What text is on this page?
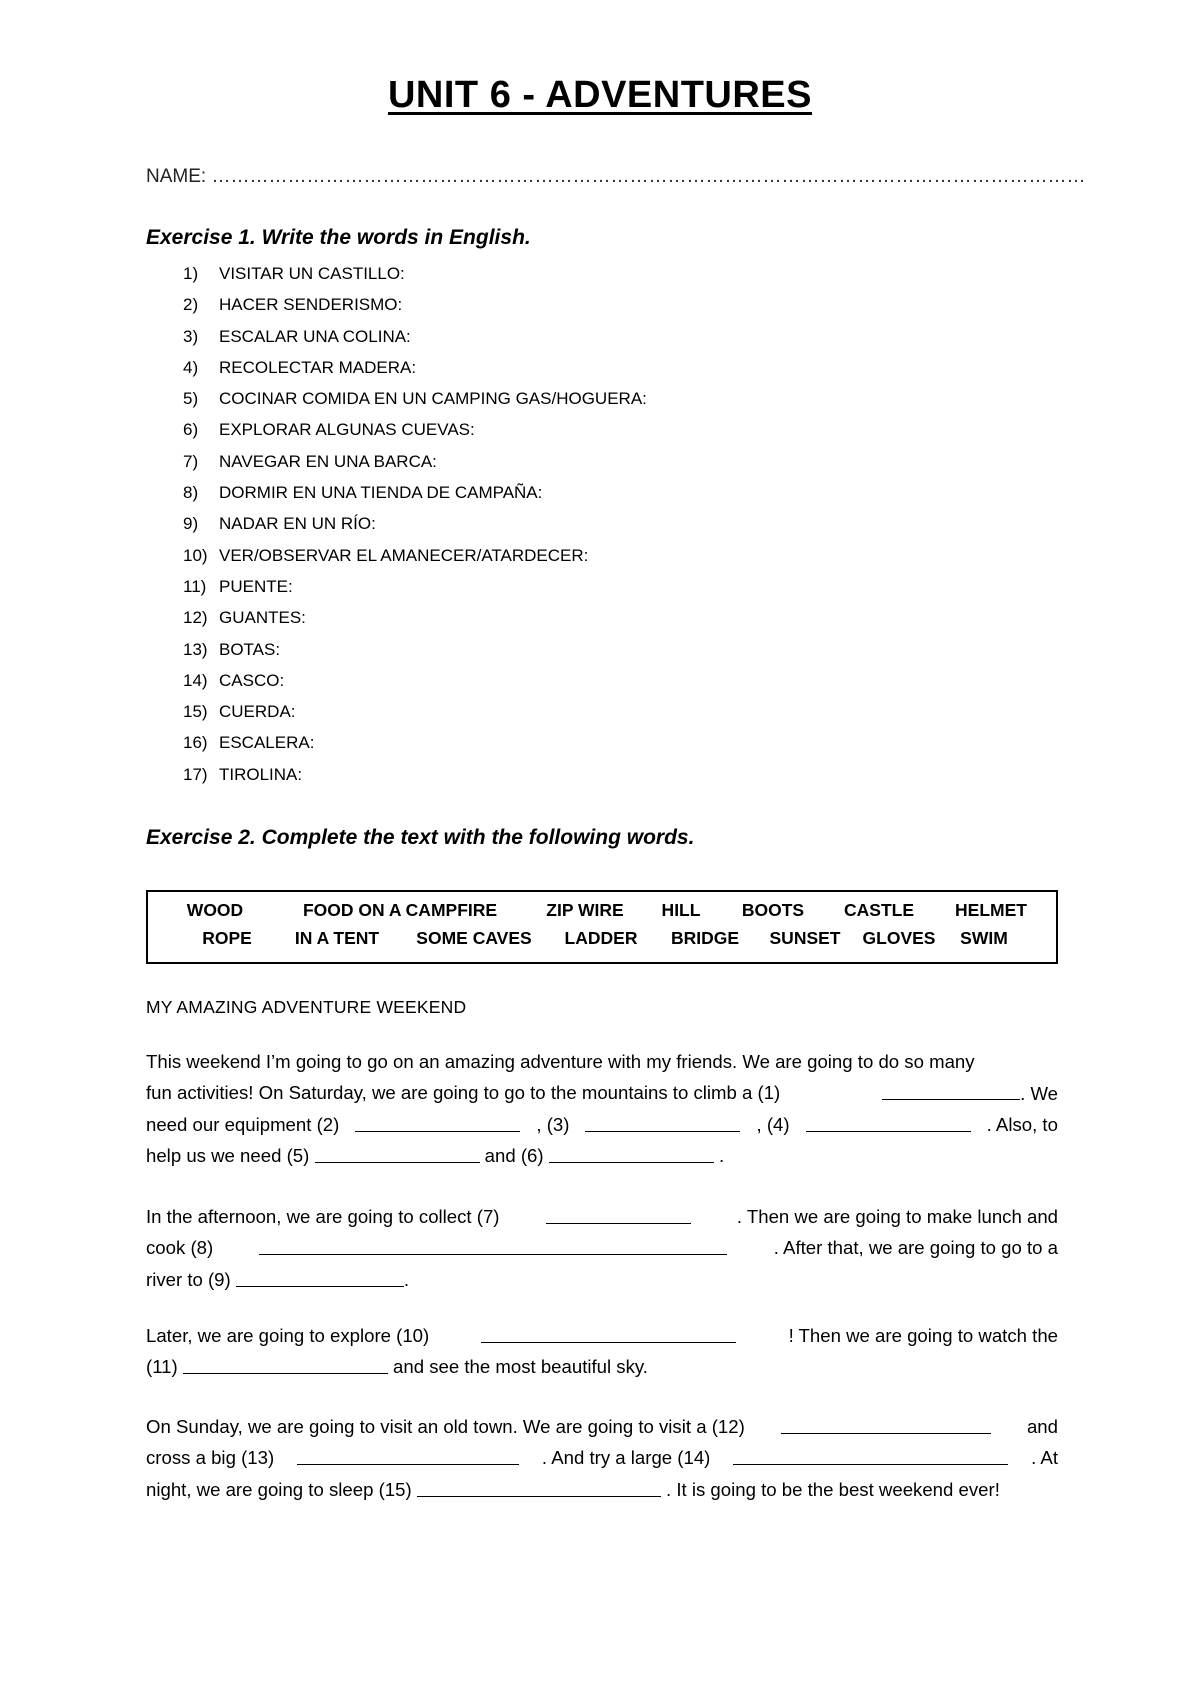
UNIT 6 - ADVENTURES
NAME: …………………………………………………………………………………………………………………………
Exercise 1. Write the words in English.
1) VISITAR UN CASTILLO:
2) HACER SENDERISMO:
3) ESCALAR UNA COLINA:
4) RECOLECTAR MADERA:
5) COCINAR COMIDA EN UN CAMPING GAS/HOGUERA:
6) EXPLORAR ALGUNAS CUEVAS:
7) NAVEGAR EN UNA BARCA:
8) DORMIR EN UNA TIENDA DE CAMPAÑA:
9) NADAR EN UN RÍO:
10) VER/OBSERVAR EL AMANECER/ATARDECER:
11) PUENTE:
12) GUANTES:
13) BOTAS:
14) CASCO:
15) CUERDA:
16) ESCALERA:
17) TIROLINA:
Exercise 2. Complete the text with the following words.
WOOD	FOOD ON A CAMPFIRE	ZIP WIRE HILL BOOTS CASTLE HELMET
ROPE IN A TENT SOME CAVES LADDER BRIDGE SUNSET GLOVES SWIM
MY AMAZING ADVENTURE WEEKEND
This weekend I’m going to go on an amazing adventure with my friends. We are going to do so many
fun activities! On Saturday, we are going to go to the mountains to climb a (1)	. We
need our equipment (2)	, (3)	, (4)	. Also, to
help us we need (5)

	and (6)

	.
In the afternoon, we are going to collect (7)	. Then we are going to make lunch and
cook (8)	. After that, we are going to go to a
river to (9)
	.
Later, we are going to explore (10)	! Then we are going to watch the
(11)

	and see the most beautiful sky.
On Sunday, we are going to visit an old town. We are going to visit a (12)	and
cross a big (13)	. And try a large (14)	. At
night, we are going to sleep (15)

	. It is going to be the best weekend ever!
